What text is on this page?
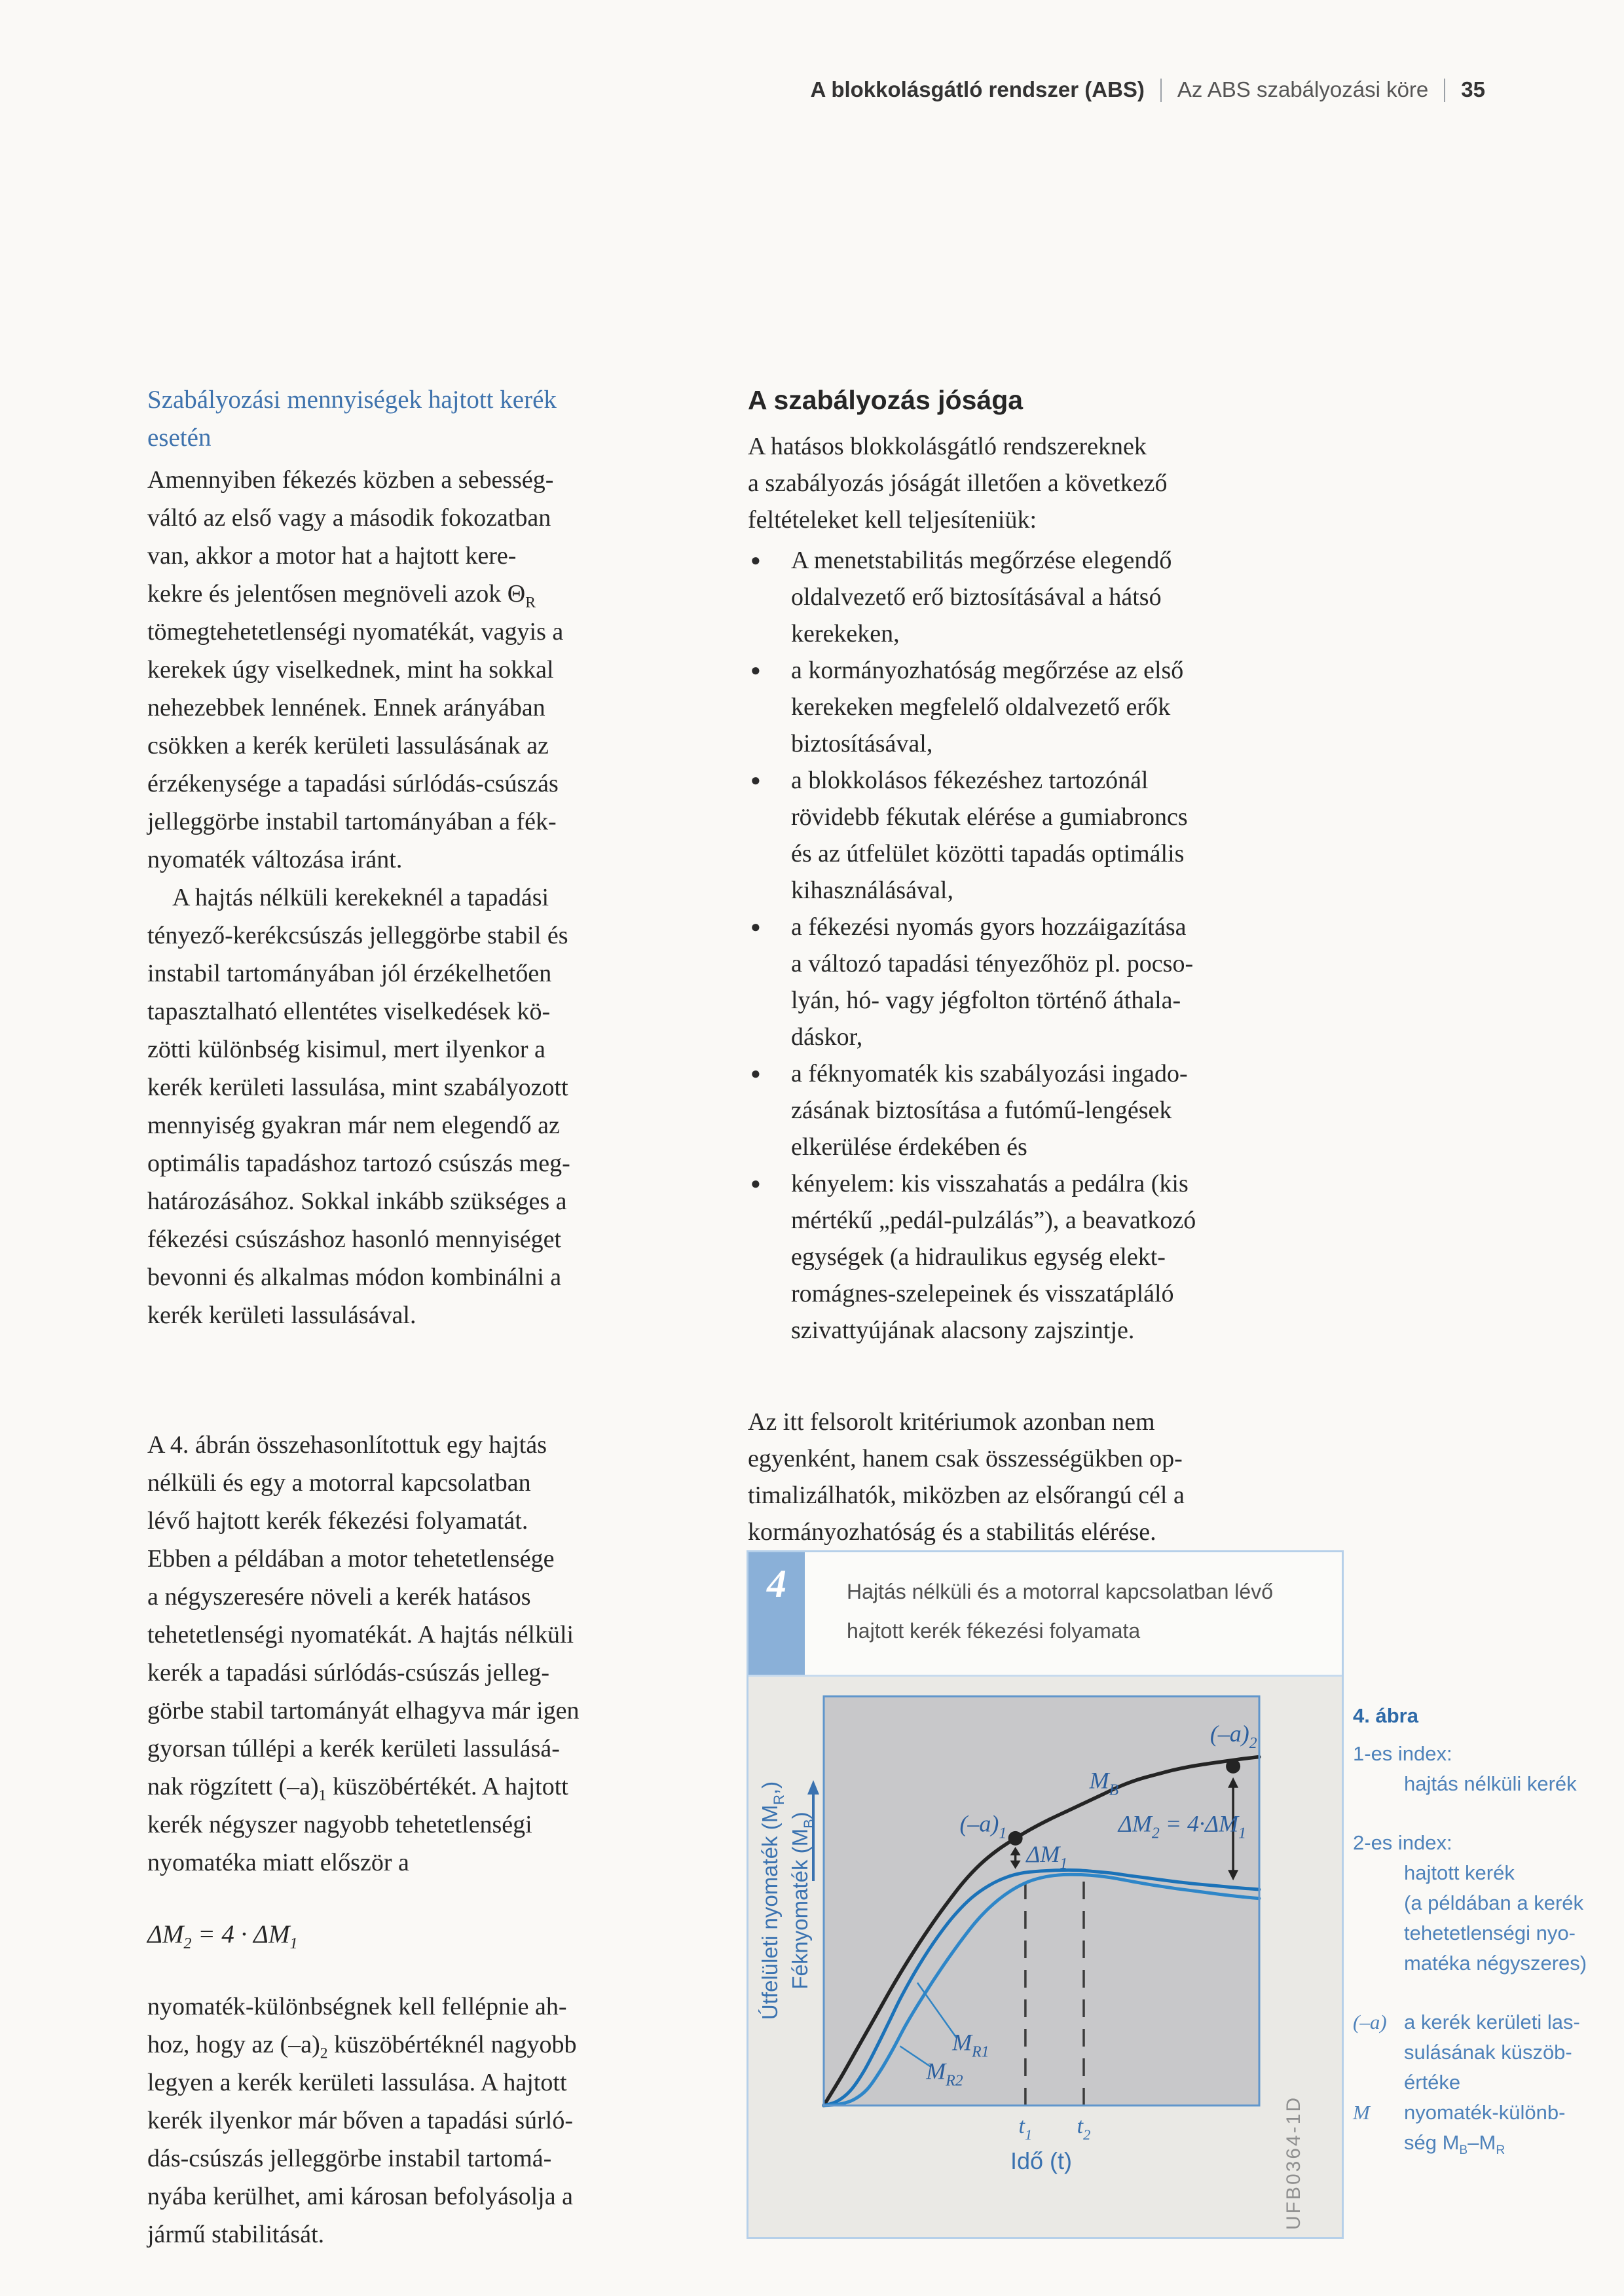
A blokkolásgátló rendszer (ABS) Az ABS szabályozási köre 35
Szabályozási mennyiségek hajtott kerék
esetén

Amennyiben fékezés közben a sebesség-
váltó az első vagy a második fokozatban
van, akkor a motor hat a hajtott kere-
kekre és jelentősen megnöveli azok $\Theta_R$
tömegtehetetlenségi nyomatékát, vagyis a
kerekek úgy viselkednek, mint ha sokkal
nehezebbek lennének. Ennek arányában
csökken a kerék kerületi lassulásának az
érzékenysége a tapadási súrlódás-csúszás
jelleggörbe instabil tartományában a fék-
nyomaték változása iránt.

A hajtás nélküli kerekeknél a tapadási
tényező-kerékcsúszás jelleggörbe stabil és
instabil tartományában jól érzékelhetően
tapasztalható ellentétes viselkedések kö-
zötti különbség kisimul, mert ilyenkor a
kerék kerületi lassulása, mint szabályozott
mennyiség gyakran már nem elegendő az
optimális tapadáshoz tartozó csúszás meg-
határozásához. Sokkal inkább szükséges a
fékezési csúszáshoz hasonló mennyiséget
bevonni és alkalmas módon kombinálni a
kerék kerületi lassulásával.

A 4. ábrán összehasonlítottuk egy hajtás
nélküli és egy a motorral kapcsolatban
lévő hajtott kerék fékezési folyamatát.
Ebben a példában a motor tehetetlensége
a négyszeresére növeli a kerék hatásos
tehetetlenségi nyomatékát. A hajtás nélküli
kerék a tapadási súrlódás-csúszás jelleg-
görbe stabil tartományát elhagyva már igen
gyorsan túllépi a kerék kerületi lassulásá-
nak rögzített $(-a)_1$ küszöbértékét. A hajtott
kerék négyszer nagyobb tehetetlenségi
nyomatéka miatt először a

$\Delta M_2 = 4 \cdot \Delta M_1$

nyomaték-különbségnek kell fellépnie ah-
hoz, hogy az $(-a)_2$ küszöbértéknél nagyobb
legyen a kerék kerületi lassulása. A hajtott
kerék ilyenkor már bőven a tapadási súrló-
dás-csúszás jelleggörbe instabil tartomá-
nyába kerülhet, ami károsan befolyásolja a
jármű stabilitását.

A szabályozás jósága

A hatásos blokkolásgátló rendszereknek
a szabályozás jóságát illetően a következő
feltételeket kell teljesíteniük:

● A menetstabilitás megőrzése elegendő
oldalvezető erő biztosításával a hátsó
kerekeken,
● a kormányozhatóság megőrzése az első
kerekeken megfelelő oldalvezető erők
biztosításával,
● a blokkolásos fékezéshez tartozónál
rövidebb fékutak elérése a gumiabroncs
és az útfelület közötti tapadás optimális
kihasználásával,
● a fékezési nyomás gyors hozzáigazítása
a változó tapadási tényezőhöz pl. pocso-
lyán, hó- vagy jégfolton történő áthala-
dáskor,
● a féknyomaték kis szabályozási ingado-
zásának biztosítása a futómű-lengések
elkerülése érdekében és
● kényelem: kis visszahatás a pedálra (kis
mértékű „pedál-pulzálás”), a beavatkozó
egységek (a hidraulikus egység elekt-
romágnes-szelepeinek és visszatápláló
szivattyújának alacsony zajszintje.

Az itt felsorolt kritériumok azonban nem
egyenként, hanem csak összességükben op-
timalizálhatók, miközben az elsőrangú cél a
kormányozhatóság és a stabilitás elérése.

4	Hajtás nélküli és a motorral kapcsolatban lévő
hajtott kerék fékezési folyamata
$M_B$
$M_{R1}$
$M_{R2}$
$(-a)_1$
$(-a)_2$
$\Delta M_1$
$\Delta M_2 = 4\cdot\Delta M_1$
$t_1$ $t_2$
Idő (t)
Útfelületi nyomaték $(M_R,)$
Féknyomaték $(M_B)$
UFB0364-1D
4. ábra
1-es index:
hajtás nélküli kerék
2-es index:
hajtott kerék
(a példában a kerék
tehetetlenségi nyo-
matéka négyszeres)
(–a) a kerék kerületi las-
sulásának küszöb-
értéke
M	nyomaték-különb-
ség $M_B-M_R$
